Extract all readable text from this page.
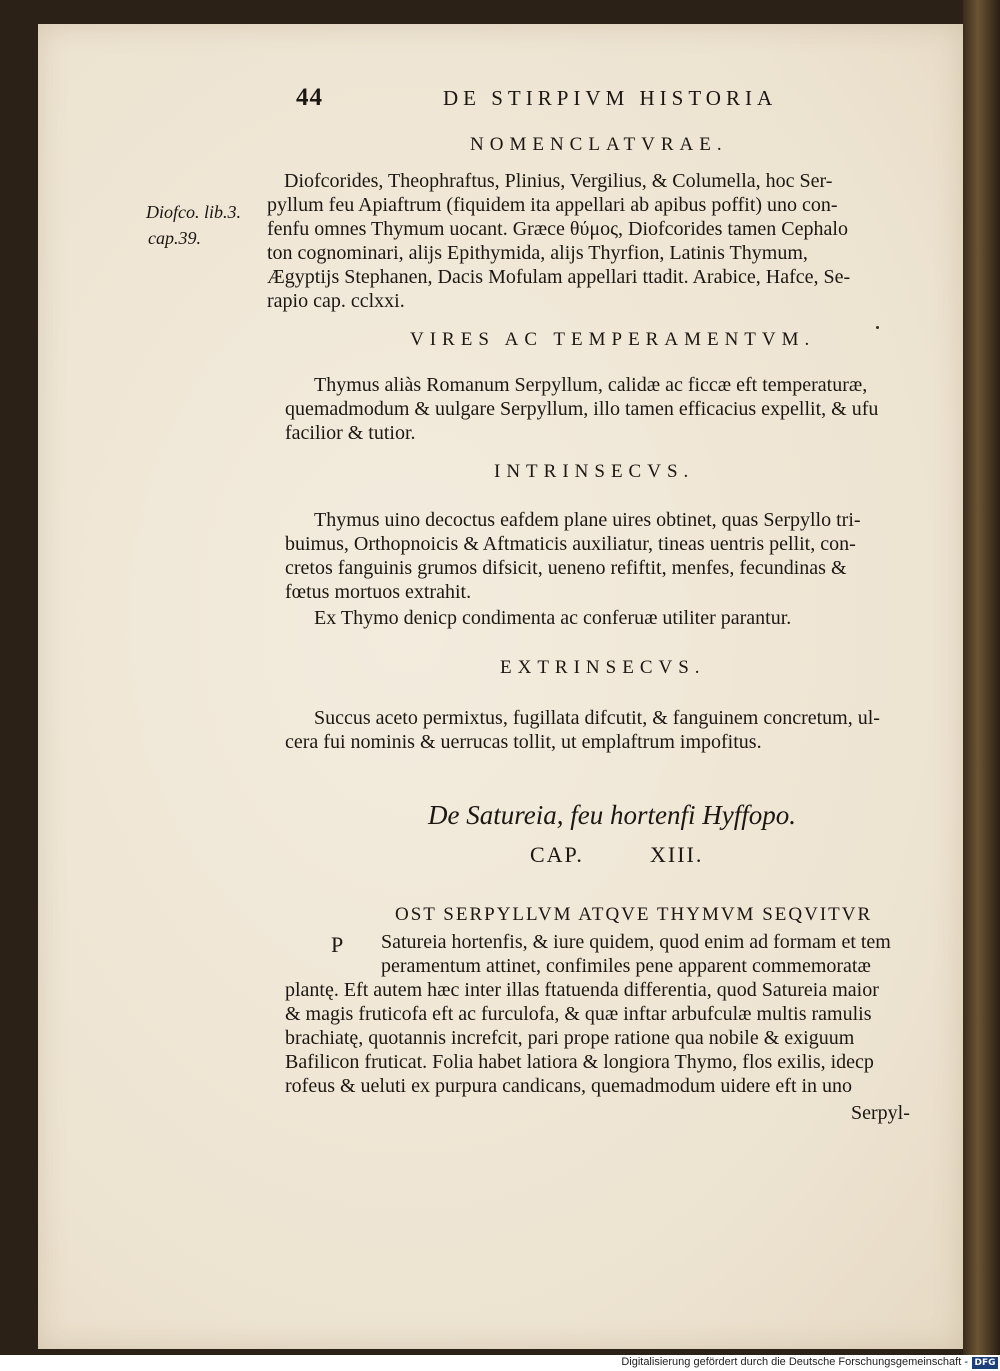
44	DE STIRPIVM HISTORIA
Diofco. lib.3.
cap.39.
NOMENCLATVRAE.
Diofcorides, Theophraftus, Plinius, Vergilius, & Columella, hoc Ser-
pyllum feu Apiaftrum (fiquidem ita appellari ab apibus poffit) uno con-
fenfu omnes Thymum uocant. Græce θύμος, Diofcorides tamen Cephalo
ton cognominari, alijs Epithymida, alijs Thyrfion, Latinis Thymum,
Ægyptijs Stephanen, Dacis Mofulam appellari ttadit. Arabice, Hafce, Se-
rapio cap. cclxxi.
VIRES AC TEMPERAMENTVM.
Thymus aliàs Romanum Serpyllum, calidæ ac ficcæ eft temperaturæ,
quemadmodum & uulgare Serpyllum, illo tamen efficacius expellit, & ufu
facilior & tutior.
INTRINSECVS.
Thymus uino decoctus eafdem plane uires obtinet, quas Serpyllo tri-
buimus, Orthopnoicis & Aftmaticis auxiliatur, tineas uentris pellit, con-
cretos fanguinis grumos difsicit, ueneno refiftit, menfes, fecundinas &
fœtus mortuos extrahit.
Ex Thymo denicp condimenta ac conferuæ utiliter parantur.
EXTRINSECVS.
Succus aceto permixtus, fugillata difcutit, & fanguinem concretum, ul-
cera fui nominis & uerrucas tollit, ut emplaftrum impofitus.
De Satureia, feu hortenfi Hyffopo.
CAP.	XIII.
P
OST SERPYLLVM ATQVE THYMVM SEQVITVR
Satureia hortenfis, & iure quidem, quod enim ad formam et tem
peramentum attinet, confimiles pene apparent commemoratæ
plantę. Eft autem hæc inter illas ftatuenda differentia, quod Satureia maior
& magis fruticofa eft ac furculofa, & quæ inftar arbufculæ multis ramulis
brachiatę, quotannis increfcit, pari prope ratione qua nobile & exiguum
Bafilicon fruticat. Folia habet latiora & longiora Thymo, flos exilis, idecp
rofeus & ueluti ex purpura candicans, quemadmodum uidere eft in uno
Serpyl-
Digitalisierung gefördert durch die Deutsche Forschungsgemeinschaft - DFG
